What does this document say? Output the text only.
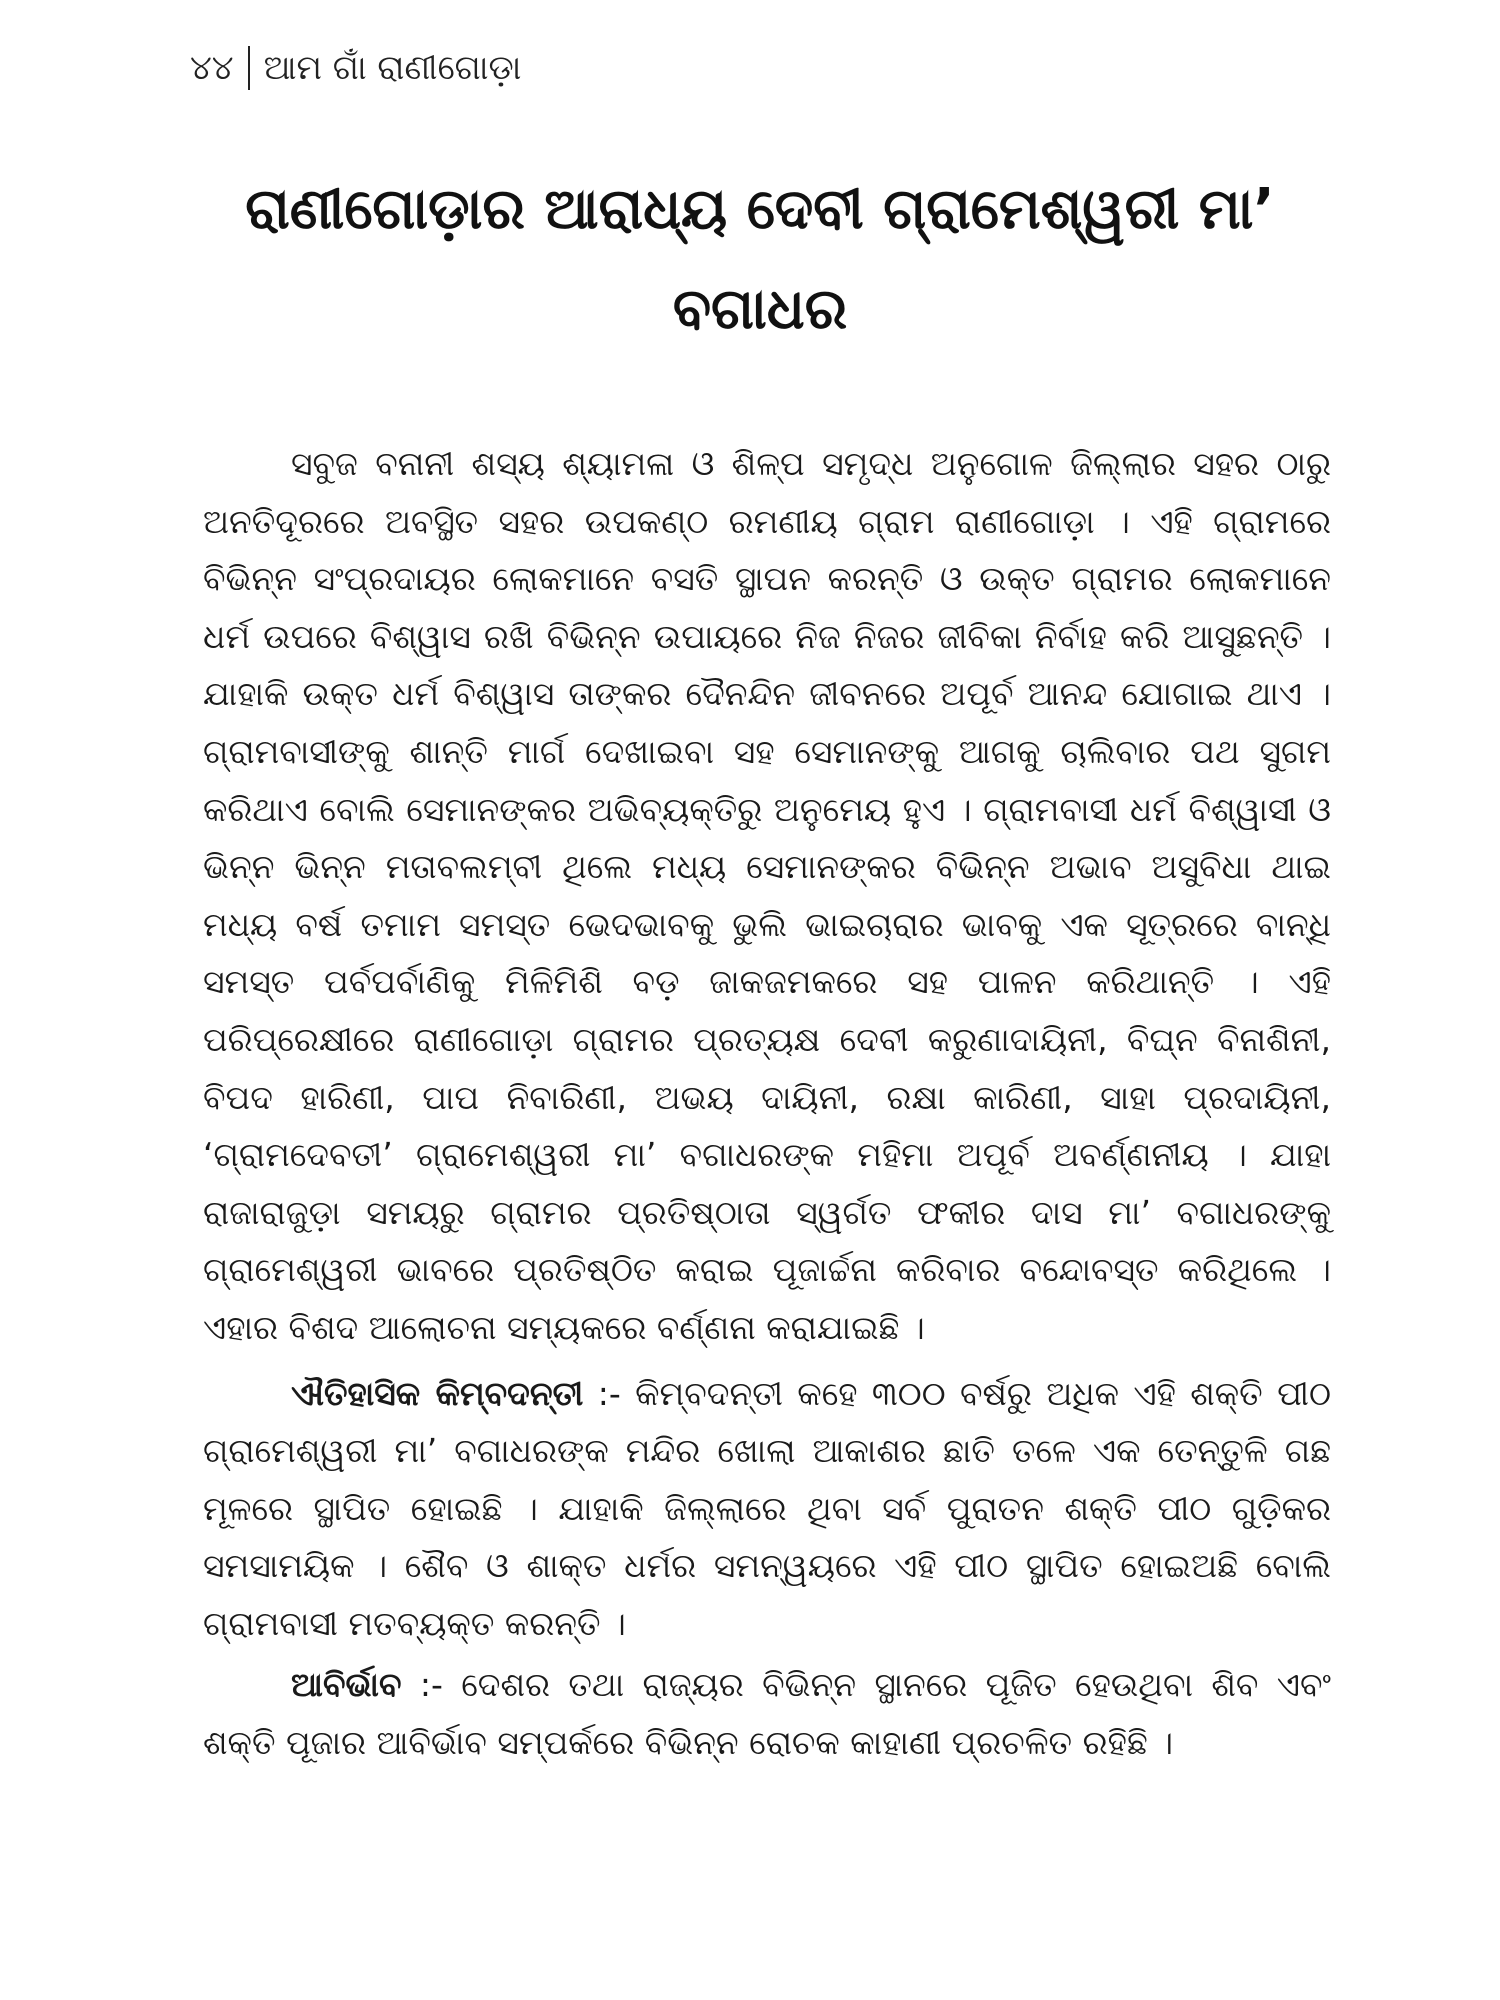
୪୪ ଆମ ଗାଁ ରାଣୀଗୋଡ଼ା
ରାଣୀଗୋଡ଼ାର ଆରାଧ୍ୟ ଦେବୀ ଗ୍ରାମେଶ୍ୱରୀ ମା’
ବଗାଧର

ସବୁଜ ବନାନୀ ଶସ୍ୟ ଶ୍ୟାମଳା ଓ ଶିଳ୍ପ ସମୃଦ୍ଧ ଅନୁଗୋଳ ଜିଲ୍ଲାର ସହର ଠାରୁ ଅନତିଦୂରରେ ଅବସ୍ଥିତ ସହର ଉପକଣ୍ଠ ରମଣୀୟ ଗ୍ରାମ ରାଣୀଗୋଡ଼ା । ଏହି ଗ୍ରାମରେ ବିଭିନ୍ନ ସଂପ୍ରଦାୟର ଲୋକମାନେ ବସତି ସ୍ଥାପନ କରନ୍ତି ଓ ଉକ୍ତ ଗ୍ରାମର ଲୋକମାନେ ଧର୍ମ ଉପରେ ବିଶ୍ୱାସ ରଖି ବିଭିନ୍ନ ଉପାୟରେ ନିଜ ନିଜର ଜୀବିକା ନିର୍ବାହ କରି ଆସୁଛନ୍ତି । ଯାହାକି ଉକ୍ତ ଧର୍ମ ବିଶ୍ୱାସ ତାଙ୍କର ଦୈନନ୍ଦିନ ଜୀବନରେ ଅପୂର୍ବ ଆନନ୍ଦ ଯୋଗାଇ ଥାଏ । ଗ୍ରାମବାସୀଙ୍କୁ ଶାନ୍ତି ମାର୍ଗ ଦେଖାଇବା ସହ ସେମାନଙ୍କୁ ଆଗକୁ ଚାଲିବାର ପଥ ସୁଗମ କରିଥାଏ ବୋଲି ସେମାନଙ୍କର ଅଭିବ୍ୟକ୍ତିରୁ ଅନୁମେୟ ହୁଏ । ଗ୍ରାମବାସୀ ଧର୍ମ ବିଶ୍ୱାସୀ ଓ ଭିନ୍ନ ଭିନ୍ନ ମତାବଲମ୍ବୀ ଥିଲେ ମଧ୍ୟ ସେମାନଙ୍କର ବିଭିନ୍ନ ଅଭାବ ଅସୁବିଧା ଥାଇ ମଧ୍ୟ ବର୍ଷ ତମାମ ସମସ୍ତ ଭେଦଭାବକୁ ଭୁଲି ଭାଇଚାରାର ଭାବକୁ ଏକ ସୂତ୍ରରେ ବାନ୍ଧି ସମସ୍ତ ପର୍ବପର୍ବାଣିକୁ ମିଳିମିଶି ବଡ଼ ଜାକଜମକରେ ସହ ପାଳନ କରିଥାନ୍ତି । ଏହି ପରିପ୍ରେକ୍ଷୀରେ ରାଣୀଗୋଡ଼ା ଗ୍ରାମର ପ୍ରତ୍ୟକ୍ଷ ଦେବୀ କରୁଣାଦାୟିନୀ, ବିଘ୍ନ ବିନାଶିନୀ, ବିପଦ ହାରିଣୀ, ପାପ ନିବାରିଣୀ, ଅଭୟ ଦାୟିନୀ, ରକ୍ଷା କାରିଣୀ, ସାହା ପ୍ରଦାୟିନୀ, ‘ଗ୍ରାମଦେବତୀ’ ଗ୍ରାମେଶ୍ୱରୀ ମା’ ବଗାଧରଙ୍କ ମହିମା ଅପୂର୍ବ ଅବର୍ଣ୍ଣନୀୟ । ଯାହା ରାଜାରାଜୁଡ଼ା ସମୟରୁ ଗ୍ରାମର ପ୍ରତିଷ୍ଠାତା ସ୍ୱର୍ଗତ ଫକୀର ଦାସ ମା’ ବଗାଧରଙ୍କୁ ଗ୍ରାମେଶ୍ୱରୀ ଭାବରେ ପ୍ରତିଷ୍ଠିତ କରାଇ ପୂଜାର୍ଚ୍ଚନା କରିବାର ବନ୍ଦୋବସ୍ତ କରିଥିଲେ । ଏହାର ବିଶଦ ଆଲୋଚନା ସମ୍ୟକରେ ବର୍ଣ୍ଣନା କରାଯାଇଛି ।

ଐତିହାସିକ କିମ୍ବଦନ୍ତୀ :- କିମ୍ବଦନ୍ତୀ କହେ ୩୦୦ ବର୍ଷରୁ ଅଧିକ ଏହି ଶକ୍ତି ପୀଠ ଗ୍ରାମେଶ୍ୱରୀ ମା’ ବଗାଧରଙ୍କ ମନ୍ଦିର ଖୋଲା ଆକାଶର ଛାତି ତଳେ ଏକ ତେନ୍ତୁଳି ଗଛ ମୂଳରେ ସ୍ଥାପିତ ହୋଇଛି । ଯାହାକି ଜିଲ୍ଲାରେ ଥିବା ସର୍ବ ପୁରାତନ ଶକ୍ତି ପୀଠ ଗୁଡ଼ିକର ସମସାମୟିକ । ଶୈବ ଓ ଶାକ୍ତ ଧର୍ମର ସମନ୍ୱୟରେ ଏହି ପୀଠ ସ୍ଥାପିତ ହୋଇଅଛି ବୋଲି ଗ୍ରାମବାସୀ ମତବ୍ୟକ୍ତ କରନ୍ତି ।

ଆବିର୍ଭାବ :- ଦେଶର ତଥା ରାଜ୍ୟର ବିଭିନ୍ନ ସ୍ଥାନରେ ପୂଜିତ ହେଉଥିବା ଶିବ ଏବଂ ଶକ୍ତି ପୂଜାର ଆବିର୍ଭାବ ସମ୍ପର୍କରେ ବିଭିନ୍ନ ରୋଚକ କାହାଣୀ ପ୍ରଚଳିତ ରହିଛି ।
